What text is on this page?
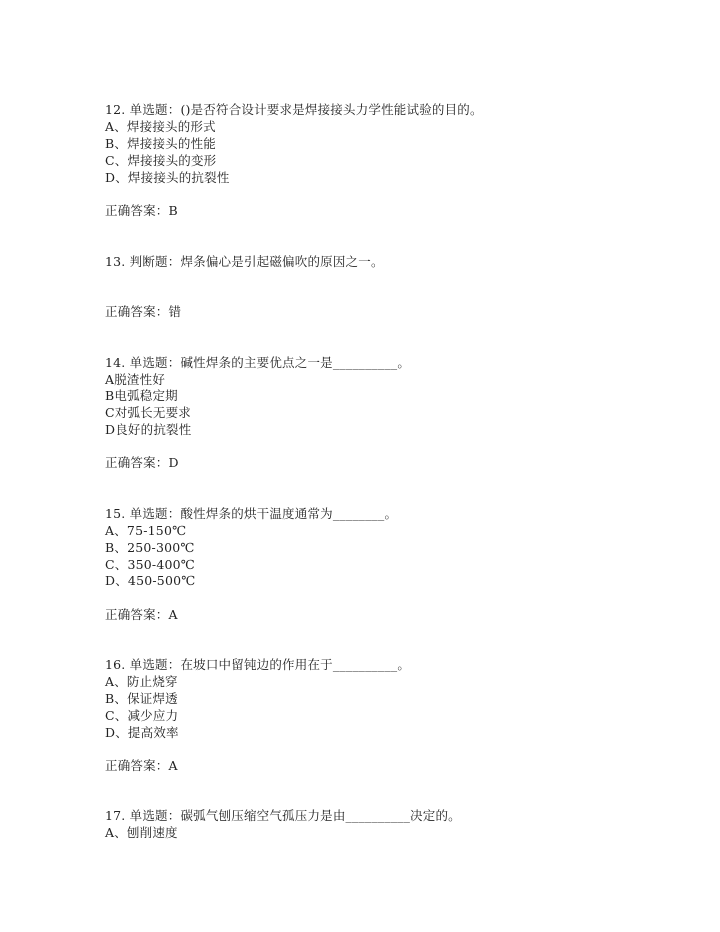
12. 单选题：()是否符合设计要求是焊接接头力学性能试验的目的。
A、焊接接头的形式
B、焊接接头的性能
C、焊接接头的变形
D、焊接接头的抗裂性
正确答案：B
13. 判断题：焊条偏心是引起磁偏吹的原因之一。
正确答案：错
14. 单选题：碱性焊条的主要优点之一是__________。
A脱渣性好
B电弧稳定期
C对弧长无要求
D良好的抗裂性
正确答案：D
15. 单选题：酸性焊条的烘干温度通常为________。
A、75-150℃
B、250-300℃
C、350-400℃
D、450-500℃
正确答案：A
16. 单选题：在坡口中留钝边的作用在于__________。
A、防止烧穿
B、保证焊透
C、减少应力
D、提高效率
正确答案：A
17. 单选题：碳弧气刨压缩空气孤压力是由__________决定的。
A、刨削速度
